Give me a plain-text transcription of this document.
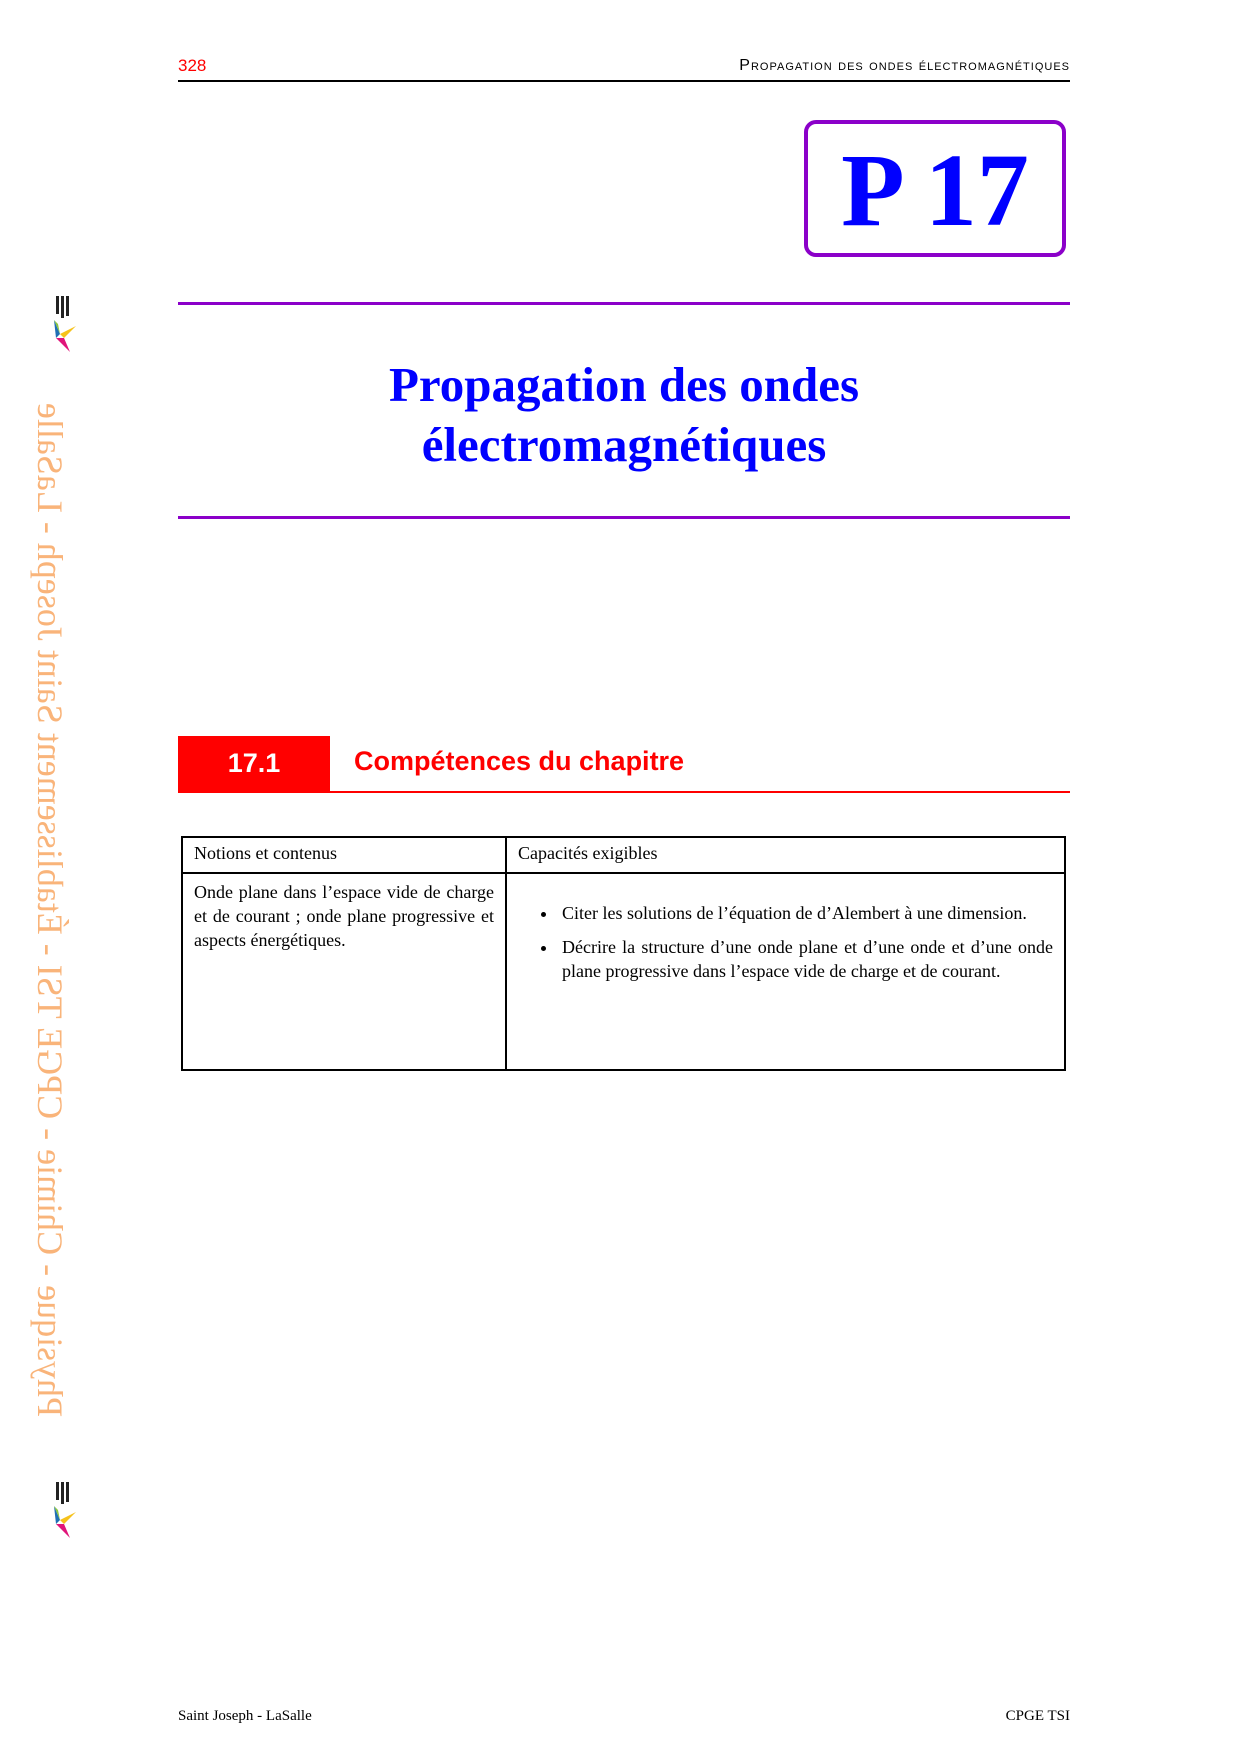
328	Propagation des ondes électromagnétiques
P 17
Propagation des ondes
électromagnétiques
17.1	Compétences du chapitre
Notions et contenus	Capacités exigibles

Onde plane dans l’espace vide de charge et de courant ; onde plane progressive et aspects énergétiques.

• Citer les solutions de l’équation de d’Alembert à une dimension.
• Décrire la structure d’une onde plane et d’une onde et d’une onde plane progressive dans l’espace vide de charge et de courant.
Physique - Chimie - CPGE TSI - Établissement Saint Joseph - LaSalle
Saint Joseph - LaSalle	CPGE TSI
